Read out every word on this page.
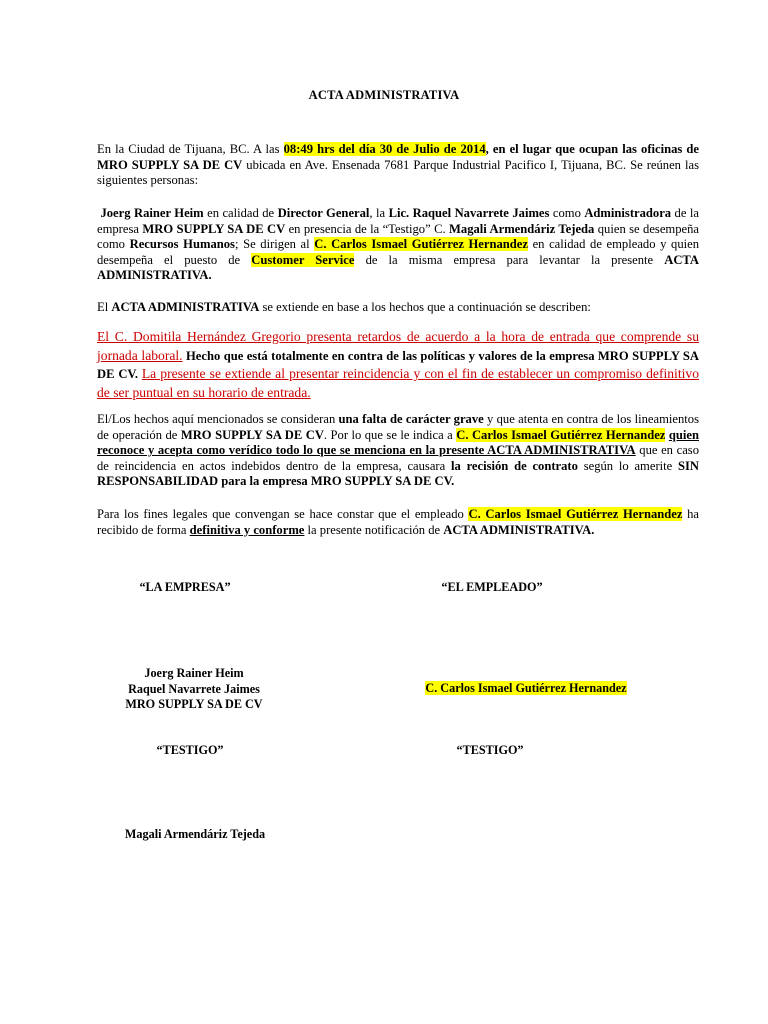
ACTA ADMINISTRATIVA

En la Ciudad de Tijuana, BC. A las 08:49 hrs del día 30 de Julio de 2014, en el lugar que ocupan las oficinas de MRO SUPPLY SA DE CV ubicada en Ave. Ensenada 7681 Parque Industrial Pacifico I, Tijuana, BC. Se reúnen las siguientes personas:

Joerg Rainer Heim en calidad de Director General, la Lic. Raquel Navarrete Jaimes como Administradora de la empresa MRO SUPPLY SA DE CV en presencia de la “Testigo” C. Magali Armendáriz Tejeda quien se desempeña como Recursos Humanos; Se dirigen al C. Carlos Ismael Gutiérrez Hernandez en calidad de empleado y quien desempeña el puesto de Customer Service de la misma empresa para levantar la presente ACTA ADMINISTRATIVA.

El ACTA ADMINISTRATIVA se extiende en base a los hechos que a continuación se describen:

El C. Domitila Hernández Gregorio presenta retardos de acuerdo a la hora de entrada que comprende su jornada laboral. Hecho que está totalmente en contra de las políticas y valores de la empresa MRO SUPPLY SA DE CV. La presente se extiende al presentar reincidencia y con el fin de establecer un compromiso definitivo de ser puntual en su horario de entrada.

El/Los hechos aquí mencionados se consideran una falta de carácter grave y que atenta en contra de los lineamientos de operación de MRO SUPPLY SA DE CV. Por lo que se le indica a C. Carlos Ismael Gutiérrez Hernandez quien reconoce y acepta como verídico todo lo que se menciona en la presente ACTA ADMINISTRATIVA que en caso de reincidencia en actos indebidos dentro de la empresa, causara la recisión de contrato según lo amerite SIN RESPONSABILIDAD para la empresa MRO SUPPLY SA DE CV.

Para los fines legales que convengan se hace constar que el empleado C. Carlos Ismael Gutiérrez Hernandez ha recibido de forma definitiva y conforme la presente notificación de ACTA ADMINISTRATIVA.

“LA EMPRESA”	“EL EMPLEADO”
Joerg Rainer Heim
Raquel Navarrete Jaimes
MRO SUPPLY SA DE CV
C. Carlos Ismael Gutiérrez Hernandez
“TESTIGO”	“TESTIGO”
Magali Armendáriz Tejeda
